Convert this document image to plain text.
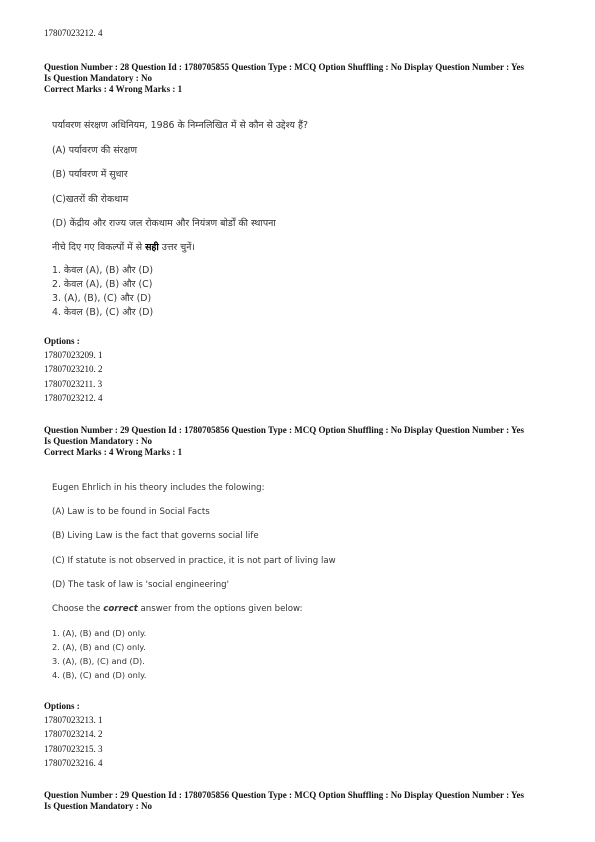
17807023212. 4
Question Number : 28 Question Id : 1780705855 Question Type : MCQ Option Shuffling : No Display Question Number : Yes
Is Question Mandatory : No
Correct Marks : 4 Wrong Marks : 1
पर्यावरण संरक्षण अधिनियम, 1986 के निम्नलिखित में से कौन से उद्देश्य हैं?
(A) पर्यावरण की संरक्षण
(B) पर्यावरण में सुधार
(C)खतरों की रोकथाम
(D) केंद्रीय और राज्य जल रोकथाम और नियंत्रण बोर्डों की स्थापना
नीचे दिए गए विकल्पों में से सही उत्तर चुनें।
1. केवल (A), (B) और (D)
2. केवल (A), (B) और (C)
3. (A), (B), (C) और (D)
4. केवल (B), (C) और (D)
Options :
17807023209. 1
17807023210. 2
17807023211. 3
17807023212. 4
Question Number : 29 Question Id : 1780705856 Question Type : MCQ Option Shuffling : No Display Question Number : Yes
Is Question Mandatory : No
Correct Marks : 4 Wrong Marks : 1
Eugen Ehrlich in his theory includes the folowing:
(A) Law is to be found in Social Facts
(B) Living Law is the fact that governs social life
(C) If statute is not observed in practice, it is not part of living law
(D) The task of law is 'social engineering'
Choose the correct answer from the options given below:
1. (A), (B) and (D) only.
2. (A), (B) and (C) only.
3. (A), (B), (C) and (D).
4. (B), (C) and (D) only.
Options :
17807023213. 1
17807023214. 2
17807023215. 3
17807023216. 4
Question Number : 29 Question Id : 1780705856 Question Type : MCQ Option Shuffling : No Display Question Number : Yes
Is Question Mandatory : No
